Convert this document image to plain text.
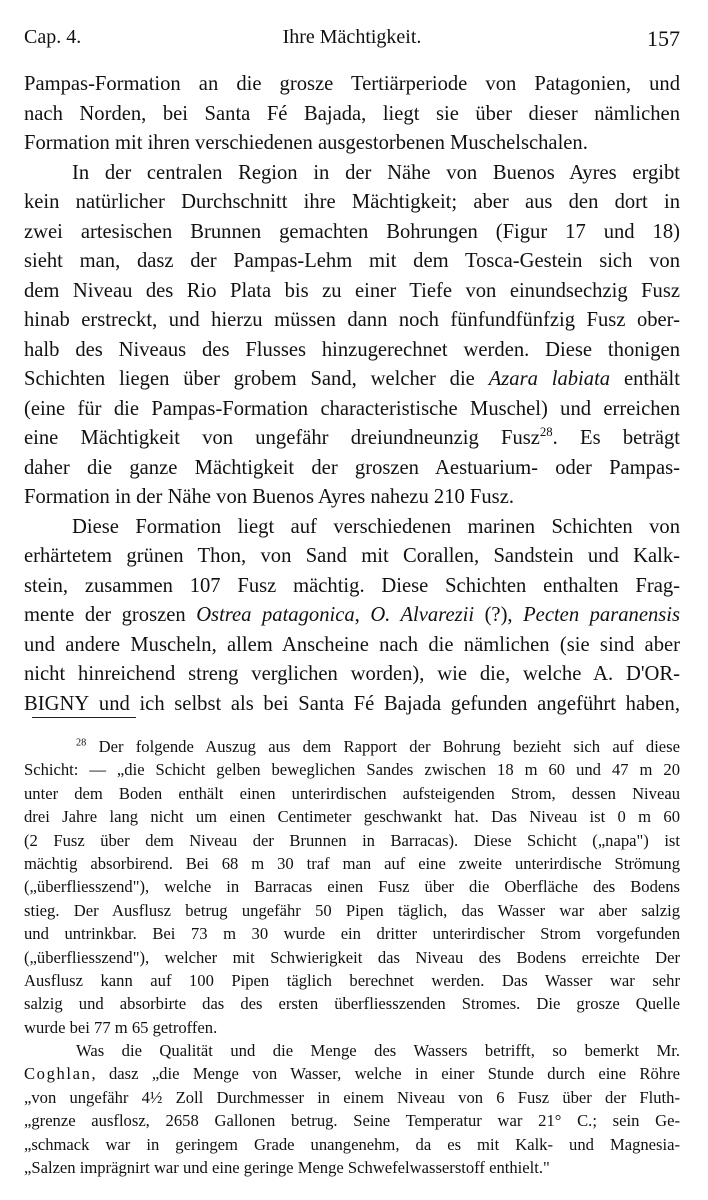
Cap. 4.	Ihre Mächtigkeit.	157
Pampas-Formation an die grosze Tertiärperiode von Patagonien, und
nach Norden, bei Santa Fé Bajada, liegt sie über dieser nämlichen
Formation mit ihren verschiedenen ausgestorbenen Muschelschalen.
In der centralen Region in der Nähe von Buenos Ayres ergibt
kein natürlicher Durchschnitt ihre Mächtigkeit; aber aus den dort in
zwei artesischen Brunnen gemachten Bohrungen (Figur 17 und 18)
sieht man, dasz der Pampas-Lehm mit dem Tosca-Gestein sich von
dem Niveau des Rio Plata bis zu einer Tiefe von einundsechzig Fusz
hinab erstreckt, und hierzu müssen dann noch fünfundfünfzig Fusz ober-
halb des Niveaus des Flusses hinzugerechnet werden. Diese thonigen
Schichten liegen über grobem Sand, welcher die Azara labiata enthält
(eine für die Pampas-Formation characteristische Muschel) und erreichen
eine Mächtigkeit von ungefähr dreiundneunzig Fusz$^{28}$. Es beträgt
daher die ganze Mächtigkeit der groszen Aestuarium- oder Pampas-
Formation in der Nähe von Buenos Ayres nahezu 210 Fusz.
Diese Formation liegt auf verschiedenen marinen Schichten von
erhärtetem grünen Thon, von Sand mit Corallen, Sandstein und Kalk-
stein, zusammen 107 Fusz mächtig. Diese Schichten enthalten Frag-
mente der groszen Ostrea patagonica, O. Alvarezii (?), Pecten paranensis
und andere Muscheln, allem Anscheine nach die nämlichen (sie sind aber
nicht hinreichend streng verglichen worden), wie die, welche A. D'OR-
BIGNY und ich selbst als bei Santa Fé Bajada gefunden angeführt haben,
$^{28}$ Der folgende Auszug aus dem Rapport der Bohrung bezieht sich auf diese
Schicht: — „die Schicht gelben beweglichen Sandes zwischen 18 m 60 und 47 m 20
unter dem Boden enthält einen unterirdischen aufsteigenden Strom, dessen Niveau
drei Jahre lang nicht um einen Centimeter geschwankt hat. Das Niveau ist 0 m 60
(2 Fusz über dem Niveau der Brunnen in Barracas). Diese Schicht („napa") ist
mächtig absorbirend. Bei 68 m 30 traf man auf eine zweite unterirdische Strömung
(„überfliesszend"), welche in Barracas einen Fusz über die Oberfläche des Bodens
stieg. Der Ausflusz betrug ungefähr 50 Pipen täglich, das Wasser war aber salzig
und untrinkbar. Bei 73 m 30 wurde ein dritter unterirdischer Strom vorgefunden
(„überfliesszend"), welcher mit Schwierigkeit das Niveau des Bodens erreichte Der
Ausflusz kann auf 100 Pipen täglich berechnet werden. Das Wasser war sehr
salzig und absorbirte das des ersten überfliesszenden Stromes. Die grosze Quelle
wurde bei 77 m 65 getroffen.
Was die Qualität und die Menge des Wassers betrifft, so bemerkt Mr.
Coghlan, dasz „die Menge von Wasser, welche in einer Stunde durch eine Röhre
„von ungefähr 4½ Zoll Durchmesser in einem Niveau von 6 Fusz über der Fluth-
„grenze ausflosz, 2658 Gallonen betrug. Seine Temperatur war 21° C.; sein Ge-
„schmack war in geringem Grade unangenehm, da es mit Kalk- und Magnesia-
„Salzen imprägnirt war und eine geringe Menge Schwefelwasserstoff enthielt."
